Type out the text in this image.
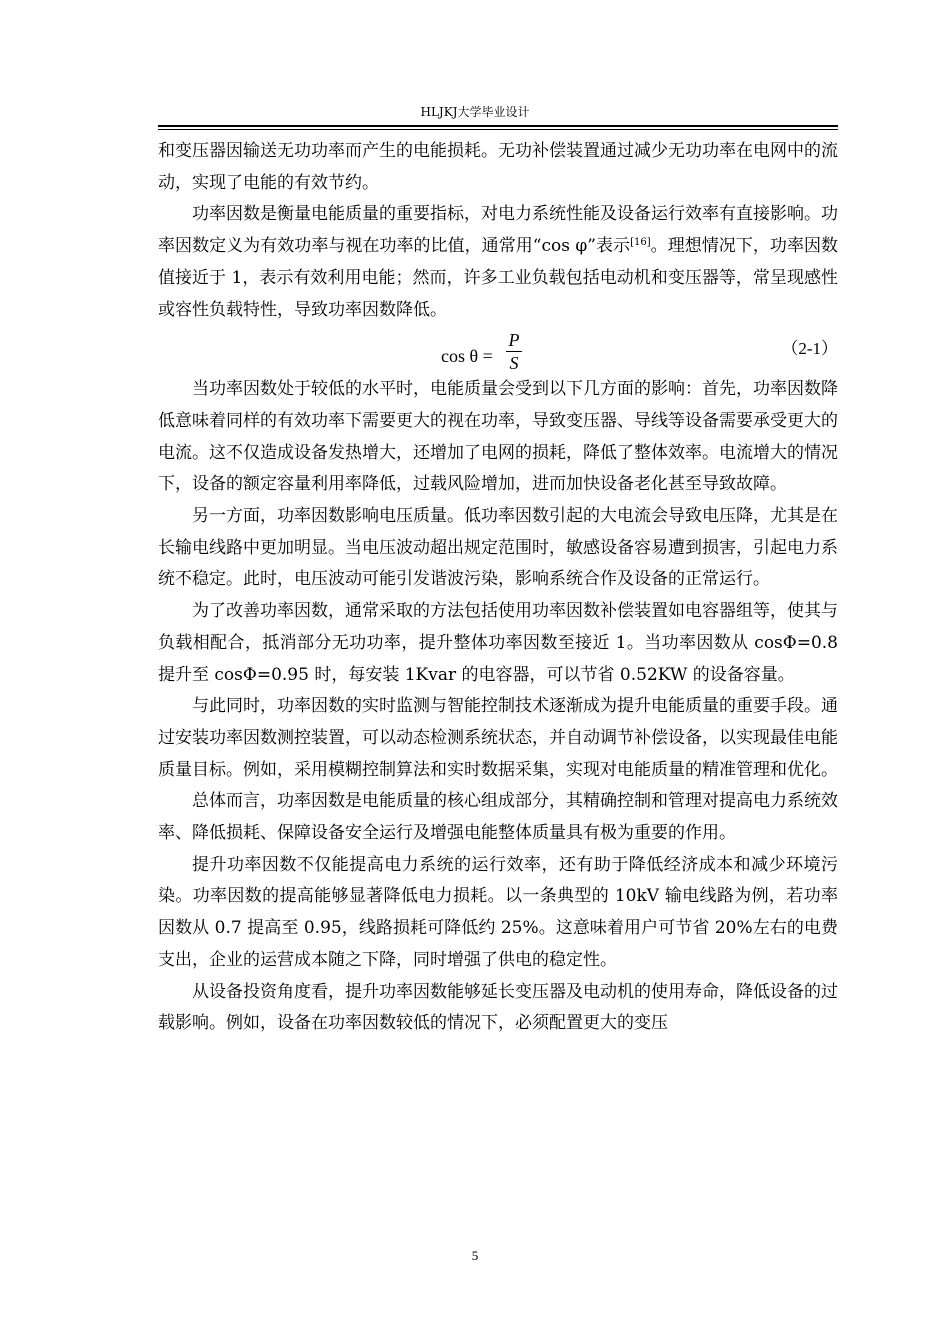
HLJKJ大学毕业设计

和变压器因输送无功功率而产生的电能损耗。无功补偿装置通过减少无功功率在电网中的流动，实现了电能的有效节约。

功率因数是衡量电能质量的重要指标，对电力系统性能及设备运行效率有直接影响。功率因数定义为有效功率与视在功率的比值，通常用“cos φ”表示[16]。理想情况下，功率因数值接近于 1，表示有效利用电能；然而，许多工业负载包括电动机和变压器等，常呈现感性或容性负载特性，导致功率因数降低。

cos θ =
P
S
（2-1）

当功率因数处于较低的水平时，电能质量会受到以下几方面的影响：首先，功率因数降低意味着同样的有效功率下需要更大的视在功率，导致变压器、导线等设备需要承受更大的电流。这不仅造成设备发热增大，还增加了电网的损耗，降低了整体效率。电流增大的情况下，设备的额定容量利用率降低，过载风险增加，进而加快设备老化甚至导致故障。

另一方面，功率因数影响电压质量。低功率因数引起的大电流会导致电压降，尤其是在长输电线路中更加明显。当电压波动超出规定范围时，敏感设备容易遭到损害，引起电力系统不稳定。此时，电压波动可能引发谐波污染，影响系统合作及设备的正常运行。

为了改善功率因数，通常采取的方法包括使用功率因数补偿装置如电容器组等，使其与负载相配合，抵消部分无功功率，提升整体功率因数至接近 1。当功率因数从 cosΦ=0.8 提升至 cosΦ=0.95 时，每安装 1Kvar 的电容器，可以节省 0.52KW 的设备容量。

与此同时，功率因数的实时监测与智能控制技术逐渐成为提升电能质量的重要手段。通过安装功率因数测控装置，可以动态检测系统状态，并自动调节补偿设备，以实现最佳电能质量目标。例如，采用模糊控制算法和实时数据采集，实现对电能质量的精准管理和优化。

总体而言，功率因数是电能质量的核心组成部分，其精确控制和管理对提高电力系统效率、降低损耗、保障设备安全运行及增强电能整体质量具有极为重要的作用。

提升功率因数不仅能提高电力系统的运行效率，还有助于降低经济成本和减少环境污染。功率因数的提高能够显著降低电力损耗。以一条典型的 10kV 输电线路为例，若功率因数从 0.7 提高至 0.95，线路损耗可降低约 25%。这意味着用户可节省 20%左右的电费支出，企业的运营成本随之下降，同时增强了供电的稳定性。

从设备投资角度看，提升功率因数能够延长变压器及电动机的使用寿命，降低设备的过载影响。例如，设备在功率因数较低的情况下，必须配置更大的变压

5
